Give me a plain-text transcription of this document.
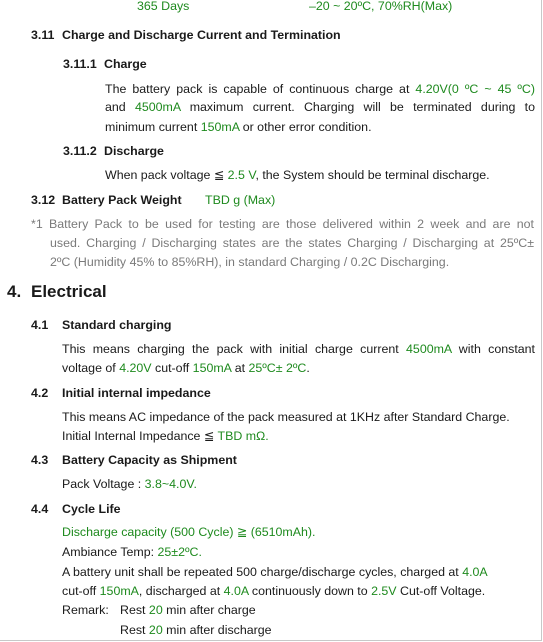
365 Days	–20 ~ 20ºC, 70%RH(Max)
3.11 Charge and Discharge Current and Termination
3.11.1 Charge
The battery pack is capable of continuous charge at 4.20V(0 ºC ~ 45 ºC)
and 4500mA maximum current. Charging will be terminated during to
minimum current 150mA or other error condition.
3.11.2 Discharge
When pack voltage ≦ 2.5 V, the System should be terminal discharge.
3.12 Battery Pack Weight TBD g (Max)
*1 Battery Pack to be used for testing are those delivered within 2 week and are not
used. Charging / Discharging states are the states Charging / Discharging at 25ºC±
2ºC (Humidity 45% to 85%RH), in standard Charging / 0.2C Discharging.
4. Electrical
4.1 Standard charging
This means charging the pack with initial charge current 4500mA with constant
voltage of 4.20V cut-off 150mA at 25ºC± 2ºC.
4.2 Initial internal impedance
This means AC impedance of the pack measured at 1KHz after Standard Charge.
Initial Internal Impedance ≦ TBD mΩ.
4.3 Battery Capacity as Shipment
Pack Voltage : 3.8~4.0V.
4.4 Cycle Life
Discharge capacity (500 Cycle) ≧ (6510mAh).
Ambiance Temp: 25±2ºC.
A battery unit shall be repeated 500 charge/discharge cycles, charged at 4.0A
cut-off 150mA, discharged at 4.0A continuously down to 2.5V Cut-off Voltage.
Remark: Rest 20 min after charge
Rest 20 min after discharge
